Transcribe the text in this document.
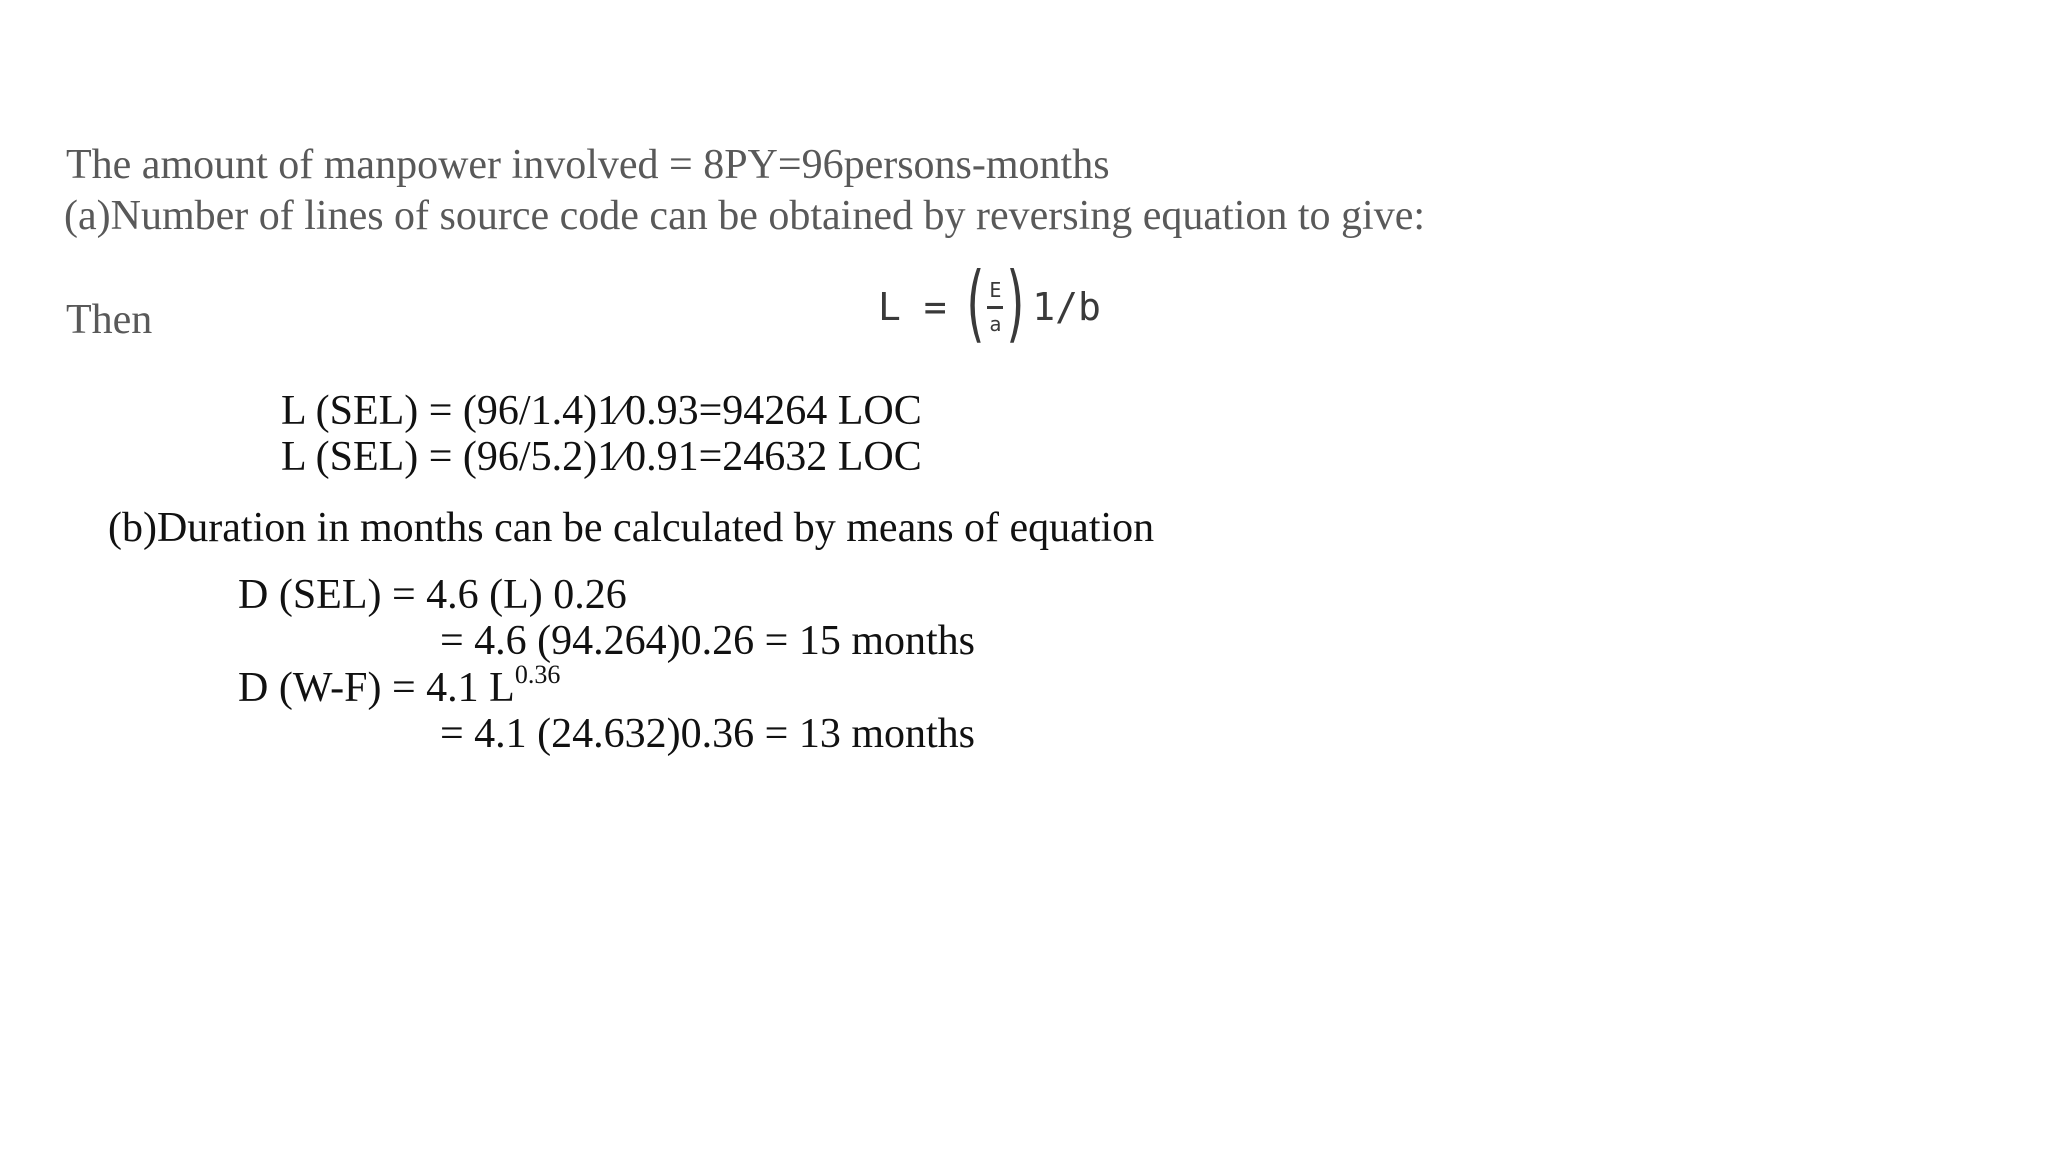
The amount of manpower involved = 8PY=96persons-months
(a)Number of lines of source code can be obtained by reversing equation to give:
Then	L = ( $\frac{E}{a}$ ) 1/b
L (SEL) = (96/1.4)1⁄0.93=94264 LOC
L (SEL) = (96/5.2)1⁄0.91=24632 LOC
(b)Duration in months can be calculated by means of equation
D (SEL) = 4.6 (L) 0.26
= 4.6 (94.264)0.26 = 15 months
D (W-F) = 4.1 $L^{0.36}$
= 4.1 (24.632)0.36 = 13 months
